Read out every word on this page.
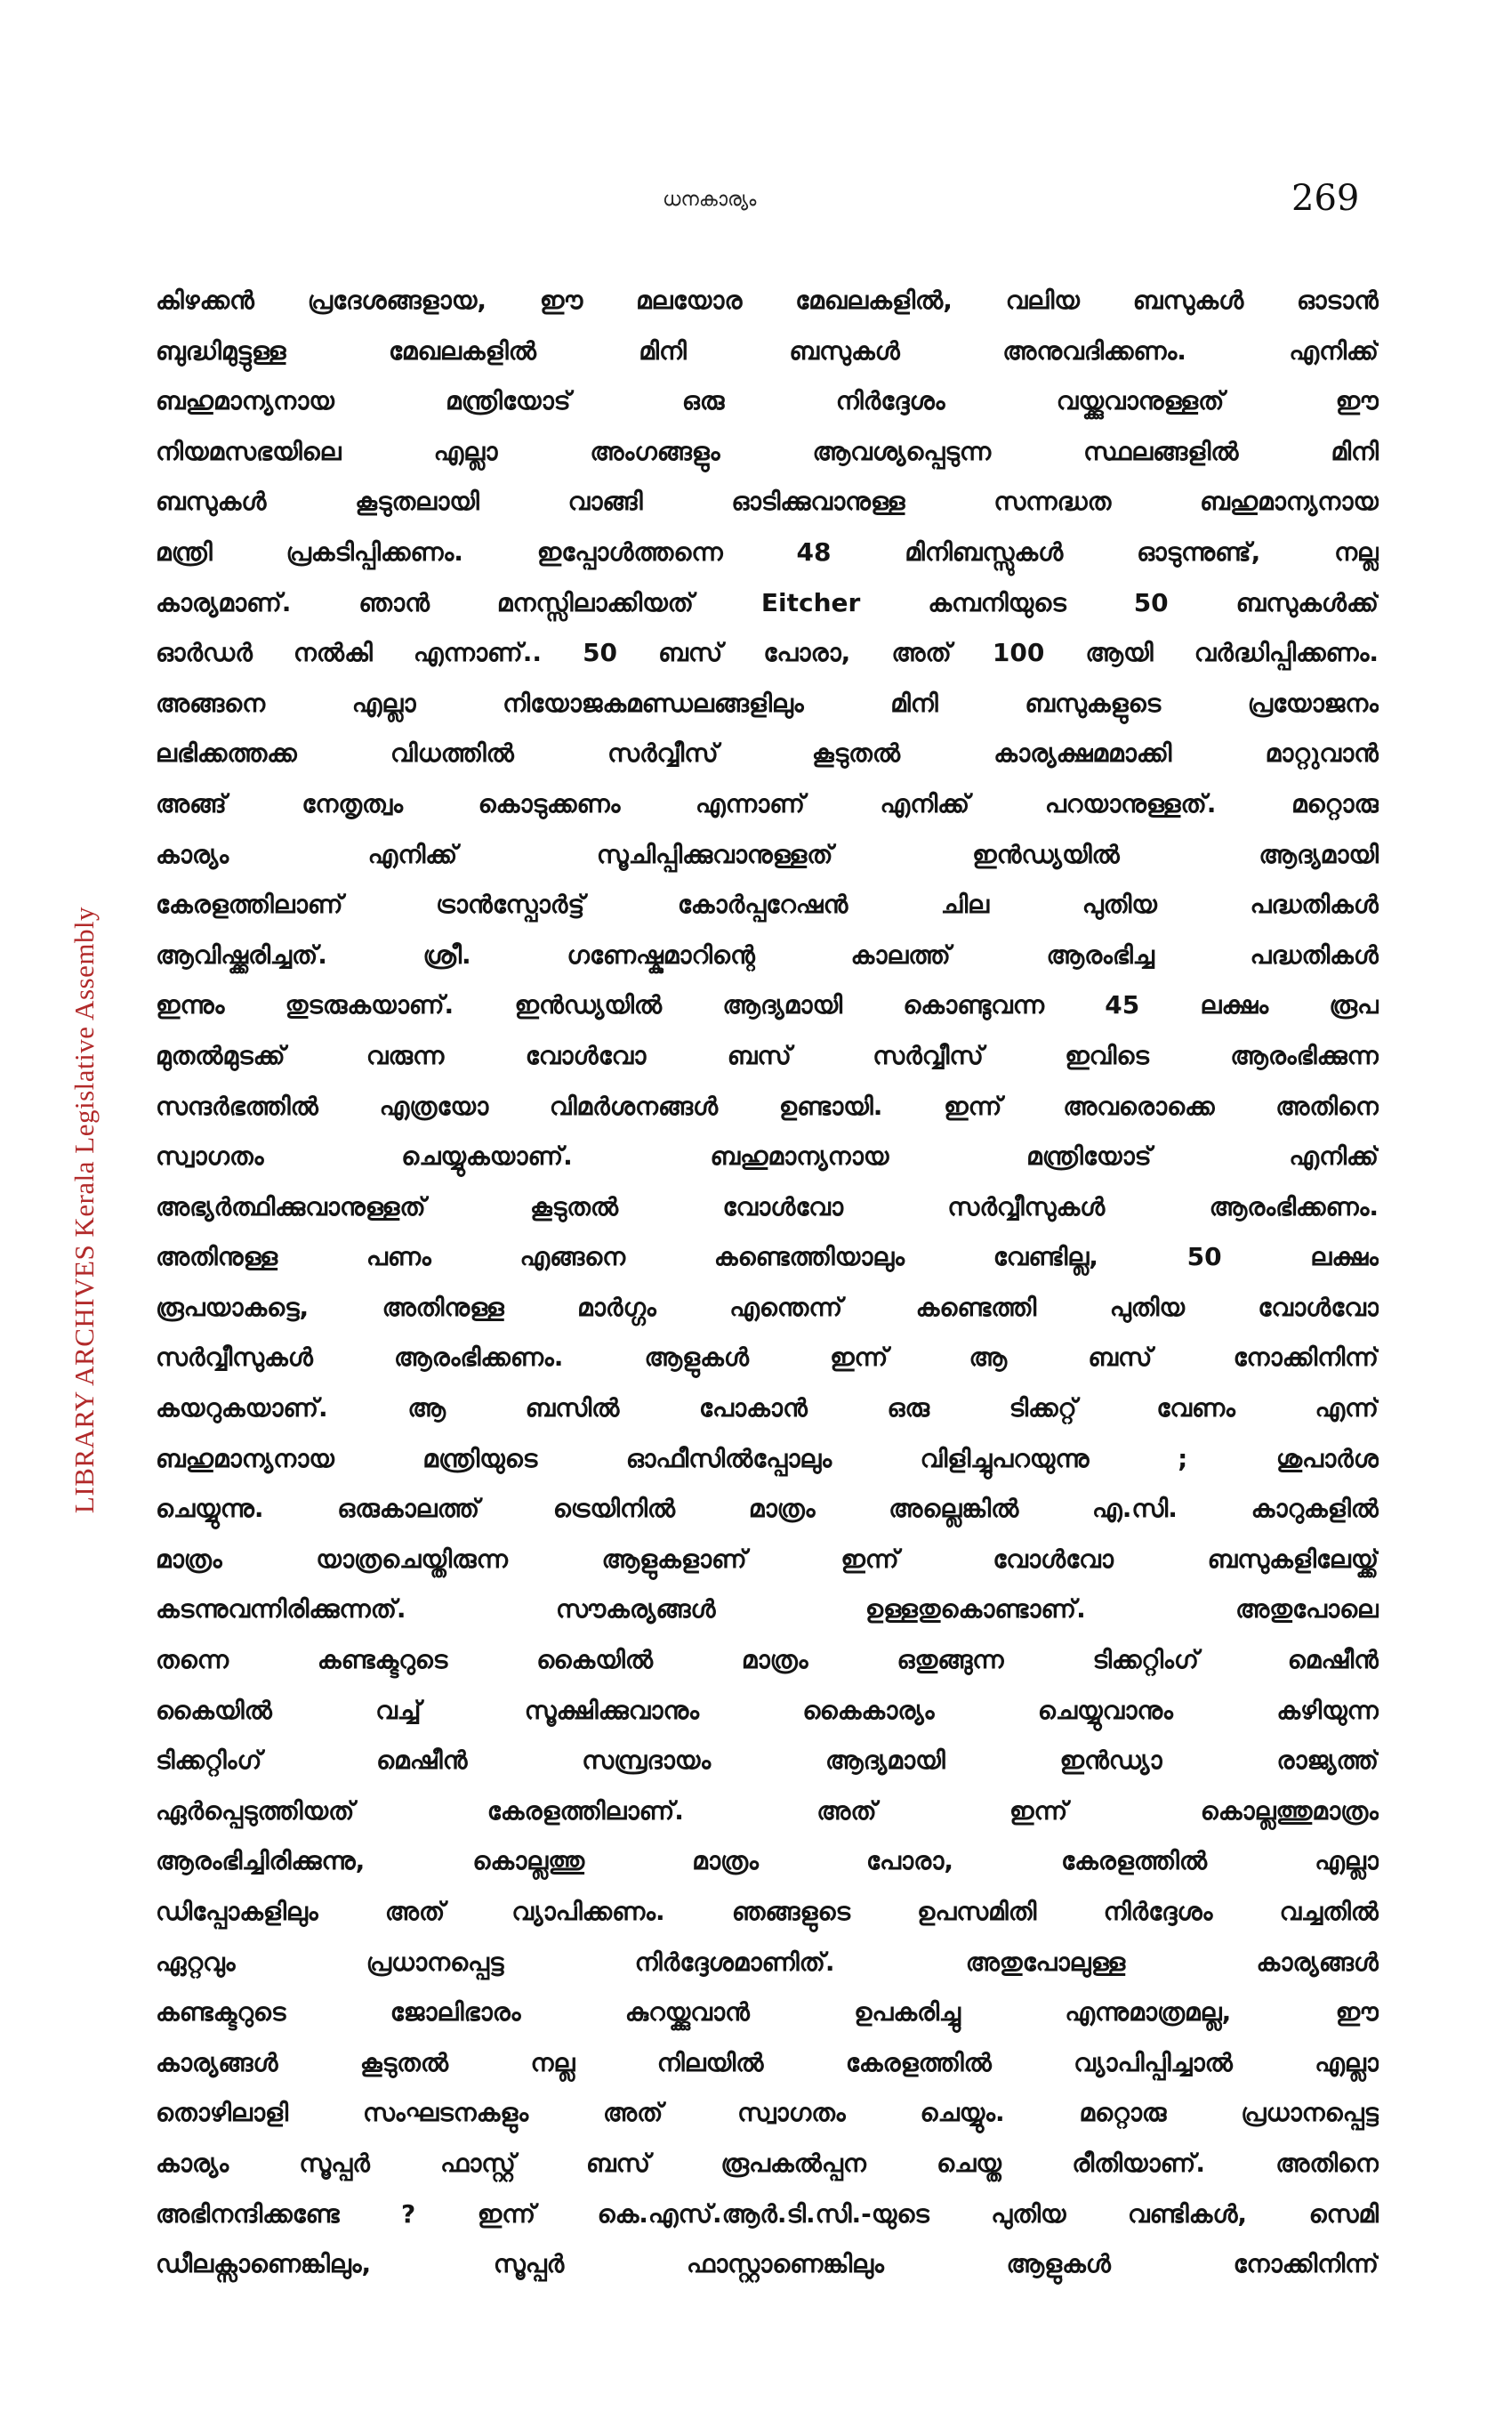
ധനകാര്യം	269
LIBRARY ARCHIVES Kerala Legislative Assembly
കിഴക്കൻ പ്രദേശങ്ങളായ, ഈ മലയോര മേഖലകളിൽ, വലിയ ബസുകൾ ഓടാൻ
ബുദ്ധിമുട്ടുള്ള മേഖലകളിൽ മിനി ബസുകൾ അനുവദിക്കണം. എനിക്ക്
ബഹുമാന്യനായ മന്ത്രിയോട് ഒരു നിർദ്ദേശം വയ്ക്കുവാനുള്ളത് ഈ
നിയമസഭയിലെ എല്ലാ അംഗങ്ങളും ആവശ്യപ്പെടുന്ന സ്ഥലങ്ങളിൽ മിനി
ബസുകൾ കൂടുതലായി വാങ്ങി ഓടിക്കുവാനുള്ള സന്നദ്ധത ബഹുമാന്യനായ
മന്ത്രി പ്രകടിപ്പിക്കണം. ഇപ്പോൾത്തന്നെ 48 മിനിബസ്സുകൾ ഓടുന്നുണ്ട്, നല്ല
കാര്യമാണ്. ഞാൻ മനസ്സിലാക്കിയത് Eitcher കമ്പനിയുടെ 50 ബസുകൾക്ക്
ഓർഡർ നൽകി എന്നാണ്.. 50 ബസ് പോരാ, അത് 100 ആയി വർദ്ധിപ്പിക്കണം.
അങ്ങനെ എല്ലാ നിയോജകമണ്ഡലങ്ങളിലും മിനി ബസുകളുടെ പ്രയോജനം
ലഭിക്കത്തക്ക വിധത്തിൽ സർവ്വീസ് കൂടുതൽ കാര്യക്ഷമമാക്കി മാറ്റുവാൻ
അങ്ങ് നേതൃത്വം കൊടുക്കണം എന്നാണ് എനിക്ക് പറയാനുള്ളത്. മറ്റൊരു
കാര്യം എനിക്ക് സൂചിപ്പിക്കുവാനുള്ളത് ഇൻഡ്യയിൽ ആദ്യമായി
കേരളത്തിലാണ് ട്രാൻസ്പോർട്ട് കോർപ്പറേഷൻ ചില പുതിയ പദ്ധതികൾ
ആവിഷ്ക്കരിച്ചത്. ശ്രീ. ഗണേഷ്കുമാറിന്റെ കാലത്ത് ആരംഭിച്ച പദ്ധതികൾ
ഇന്നും തുടരുകയാണ്. ഇൻഡ്യയിൽ ആദ്യമായി കൊണ്ടുവന്ന 45 ലക്ഷം രൂപ
മുതൽമുടക്ക് വരുന്ന വോൾവോ ബസ് സർവ്വീസ് ഇവിടെ ആരംഭിക്കുന്ന
സന്ദർഭത്തിൽ എത്രയോ വിമർശനങ്ങൾ ഉണ്ടായി. ഇന്ന് അവരൊക്കെ അതിനെ
സ്വാഗതം ചെയ്യുകയാണ്. ബഹുമാന്യനായ മന്ത്രിയോട് എനിക്ക്
അഭ്യർത്ഥിക്കുവാനുള്ളത് കൂടുതൽ വോൾവോ സർവ്വീസുകൾ ആരംഭിക്കണം.
അതിനുള്ള പണം എങ്ങനെ കണ്ടെത്തിയാലും വേണ്ടില്ല, 50 ലക്ഷം
രൂപയാകട്ടെ, അതിനുള്ള മാർഗ്ഗം എന്തെന്ന് കണ്ടെത്തി പുതിയ വോൾവോ
സർവ്വീസുകൾ ആരംഭിക്കണം. ആളുകൾ ഇന്ന് ആ ബസ് നോക്കിനിന്ന്
കയറുകയാണ്. ആ ബസിൽ പോകാൻ ഒരു ടിക്കറ്റ് വേണം എന്ന്
ബഹുമാന്യനായ മന്ത്രിയുടെ ഓഫീസിൽപ്പോലും വിളിച്ചുപറയുന്നു ; ശുപാർശ
ചെയ്യുന്നു. ഒരുകാലത്ത് ട്രെയിനിൽ മാത്രം അല്ലെങ്കിൽ എ.സി. കാറുകളിൽ
മാത്രം യാത്രചെയ്തിരുന്ന ആളുകളാണ് ഇന്ന് വോൾവോ ബസുകളിലേയ്ക്ക്
കടന്നുവന്നിരിക്കുന്നത്. സൗകര്യങ്ങൾ ഉള്ളതുകൊണ്ടാണ്. അതുപോലെ
തന്നെ കണ്ടക്ടറുടെ കൈയിൽ മാത്രം ഒതുങ്ങുന്ന ടിക്കറ്റിംഗ് മെഷീൻ
കൈയിൽ വച്ച് സൂക്ഷിക്കുവാനും കൈകാര്യം ചെയ്യുവാനും കഴിയുന്ന
ടിക്കറ്റിംഗ് മെഷീൻ സമ്പ്രദായം ആദ്യമായി ഇൻഡ്യാ രാജ്യത്ത്
ഏർപ്പെടുത്തിയത് കേരളത്തിലാണ്. അത് ഇന്ന് കൊല്ലത്തുമാത്രം
ആരംഭിച്ചിരിക്കുന്നു, കൊല്ലത്തു മാത്രം പോരാ, കേരളത്തിൽ എല്ലാ
ഡിപ്പോകളിലും അത് വ്യാപിക്കണം. ഞങ്ങളുടെ ഉപസമിതി നിർദ്ദേശം വച്ചതിൽ
ഏറ്റവും പ്രധാനപ്പെട്ട നിർദ്ദേശമാണിത്. അതുപോലുള്ള കാര്യങ്ങൾ
കണ്ടക്ടറുടെ ജോലിഭാരം കുറയ്ക്കുവാൻ ഉപകരിച്ചു എന്നുമാത്രമല്ല, ഈ
കാര്യങ്ങൾ കൂടുതൽ നല്ല നിലയിൽ കേരളത്തിൽ വ്യാപിപ്പിച്ചാൽ എല്ലാ
തൊഴിലാളി സംഘടനകളും അത് സ്വാഗതം ചെയ്യും. മറ്റൊരു പ്രധാനപ്പെട്ട
കാര്യം സൂപ്പർ ഫാസ്റ്റ് ബസ് രൂപകൽപ്പന ചെയ്ത രീതിയാണ്. അതിനെ
അഭിനന്ദിക്കണ്ടേ ? ഇന്ന് കെ.എസ്.ആർ.ടി.സി.-യുടെ പുതിയ വണ്ടികൾ, സെമി
ഡീലക്സാണെങ്കിലും, സൂപ്പർ ഫാസ്റ്റാണെങ്കിലും ആളുകൾ നോക്കിനിന്ന്
